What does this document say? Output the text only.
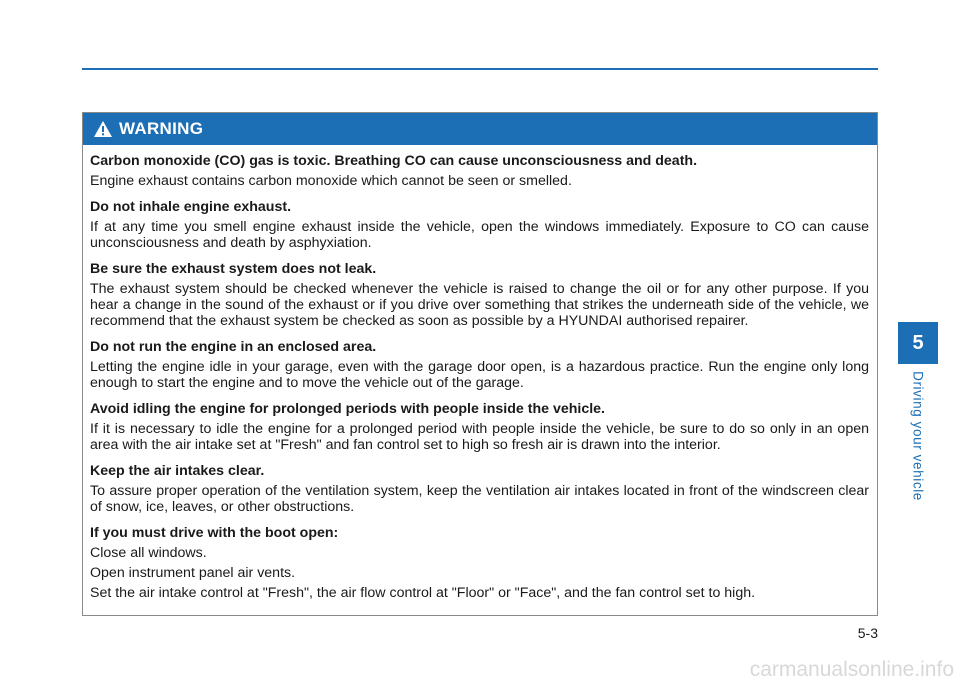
WARNING

Carbon monoxide (CO) gas is toxic. Breathing CO can cause unconsciousness and death.

Engine exhaust contains carbon monoxide which cannot be seen or smelled.

Do not inhale engine exhaust.

If at any time you smell engine exhaust inside the vehicle, open the windows immediately. Exposure to CO can cause unconsciousness and death by asphyxiation.

Be sure the exhaust system does not leak.

The exhaust system should be checked whenever the vehicle is raised to change the oil or for any other purpose. If you hear a change in the sound of the exhaust or if you drive over something that strikes the underneath side of the vehicle, we recommend that the exhaust system be checked as soon as possible by a HYUNDAI authorised repairer.

Do not run the engine in an enclosed area.

Letting the engine idle in your garage, even with the garage door open, is a hazardous practice. Run the engine only long enough to start the engine and to move the vehicle out of the garage.

Avoid idling the engine for prolonged periods with people inside the vehicle.

If it is necessary to idle the engine for a prolonged period with people inside the vehicle, be sure to do so only in an open area with the air intake set at "Fresh" and fan control set to high so fresh air is drawn into the interior.

Keep the air intakes clear.

To assure proper operation of the ventilation system, keep the ventilation air intakes located in front of the windscreen clear of snow, ice, leaves, or other obstructions.

If you must drive with the boot open:

Close all windows.

Open instrument panel air vents.

Set the air intake control at "Fresh", the air flow control at "Floor" or "Face", and the fan control set to high.

5
Driving your vehicle
5-3
carmanualsonline.info
